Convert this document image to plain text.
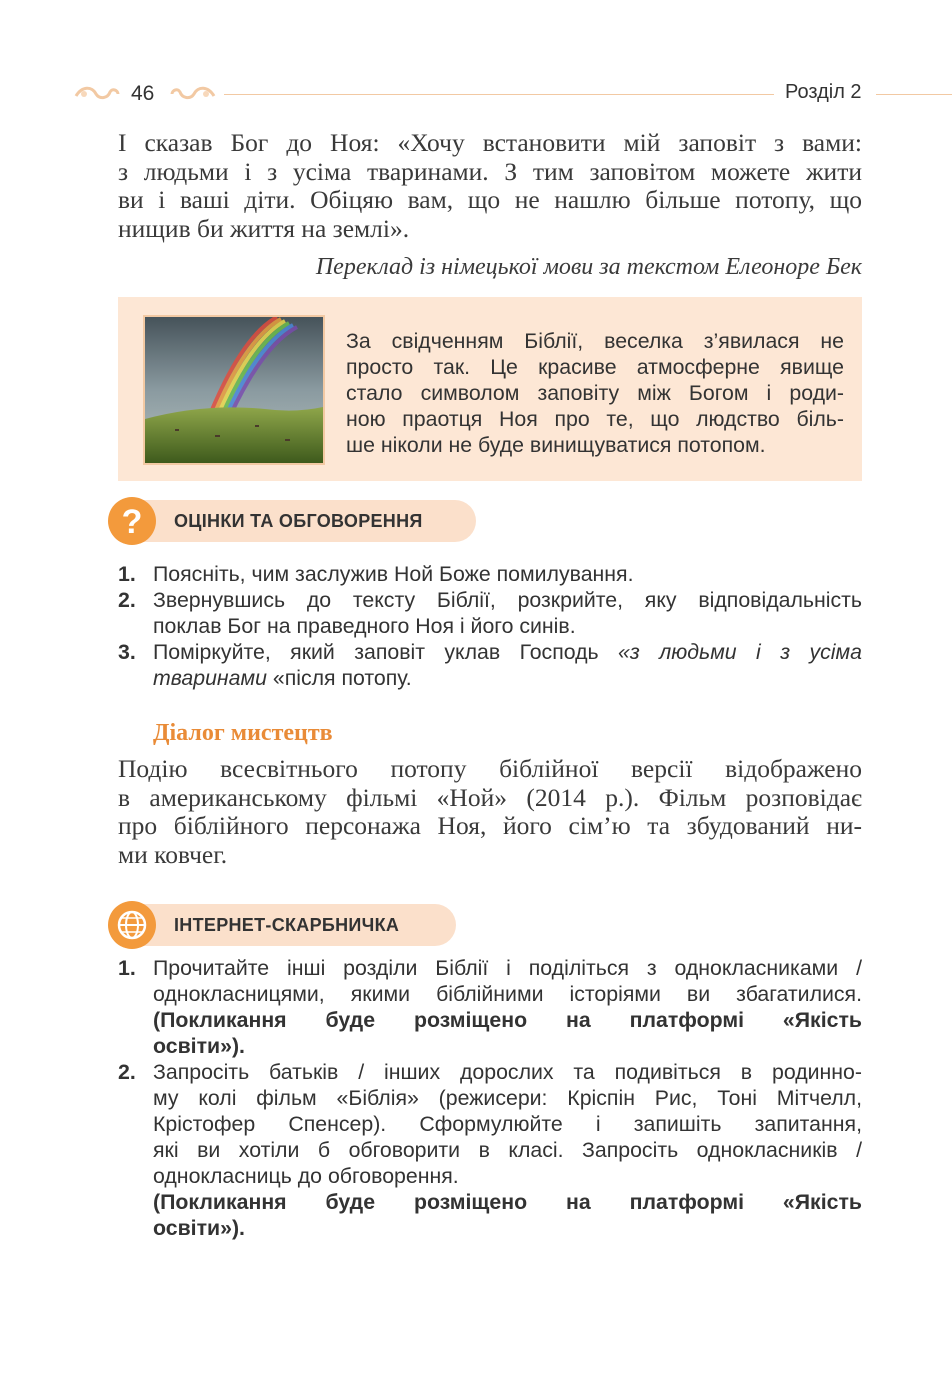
46	Розділ 2
І сказав Бог до Ноя: «Хочу встановити мій заповіт з вами:
з людьми і з усіма тваринами. З тим заповітом можете жити
ви і ваші діти. Обіцяю вам, що не нашлю більше потопу, що
нищив би життя на землі».
Переклад із німецької мови за текстом Елеоноре Бек
За свідченням Біблії, веселка з’явилася не
просто так. Це красиве атмосферне явище
стало символом заповіту між Богом і роди-
ною праотця Ноя про те, що людство біль-
ше ніколи не буде винищуватися потопом.
? ОЦІНКИ ТА ОБГОВОРЕННЯ
1. Поясніть, чим заслужив Ной Боже помилування.
2. Звернувшись до тексту Біблії, розкрийте, яку відповідальність
поклав Бог на праведного Ноя і його синів.
3. Поміркуйте, який заповіт уклав Господь «з людьми і з усіма
тваринами «після потопу.
Діалог мистецтв
Подію всесвітнього потопу біблійної версії відображено
в американському фільмі «Ной» (2014 р.). Фільм розповідає
про біблійного персонажа Ноя, його сім’ю та збудований ни-
ми ковчег.
ІНТЕРНЕТ-СКАРБНИЧКА
1. Прочитайте інші розділи Біблії і поділіться з однокласниками /
однокласницями, якими біблійними історіями ви збагатилися.
(Покликання буде розміщено на платформі «Якість
освіти»).
2. Запросіть батьків / інших дорослих та подивіться в родинно-
му колі фільм «Біблія» (режисери: Кріспін Рис, Тоні Мітчелл,
Крістофер Спенсер). Сформулюйте і запишіть запитання,
які ви хотіли б обговорити в класі. Запросіть однокласників /
однокласниць до обговорення.
(Покликання буде розміщено на платформі «Якість
освіти»).
